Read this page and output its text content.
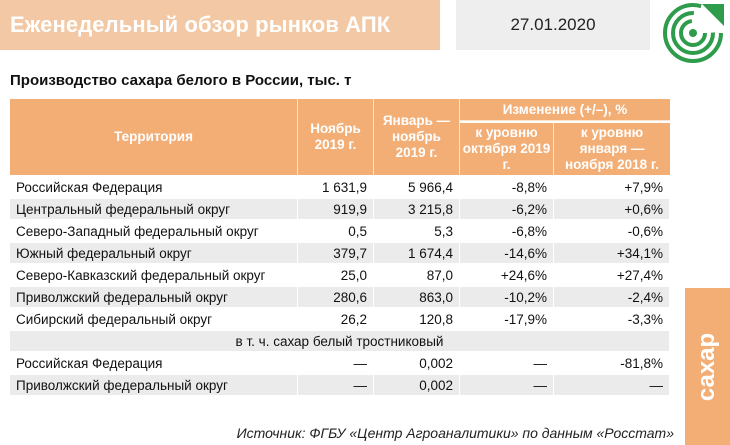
Еженедельный обзор рынков АПК	27.01.2020
Производство сахара белого в России, тыс. т
Территория	Ноябрь 2019 г.	Январь — ноябрь 2019 г.	Изменение (+/–), %	
			к уровню октября 2019 г.	к уровню января — ноября 2018 г.
Российская Федерация	1 631,9	5 966,4	-8,8%	+7,9%
Центральный федеральный округ	919,9	3 215,8	-6,2%	+0,6%
Северо-Западный федеральный округ	0,5	5,3	-6,8%	-0,6%
Южный федеральный округ	379,7	1 674,4	-14,6%	+34,1%
Северо-Кавказский федеральный округ	25,0	87,0	+24,6%	+27,4%
Приволжский федеральный округ	280,6	863,0	-10,2%	-2,4%
Сибирский федеральный округ	26,2	120,8	-17,9%	-3,3%
в т. ч. сахар белый тростниковый				
Российская Федерация	—	0,002	—	-81,8%
Приволжский федеральный округ	—	0,002	—	— сахар
Источник: ФГБУ «Центр Агроаналитики» по данным «Росстат»
